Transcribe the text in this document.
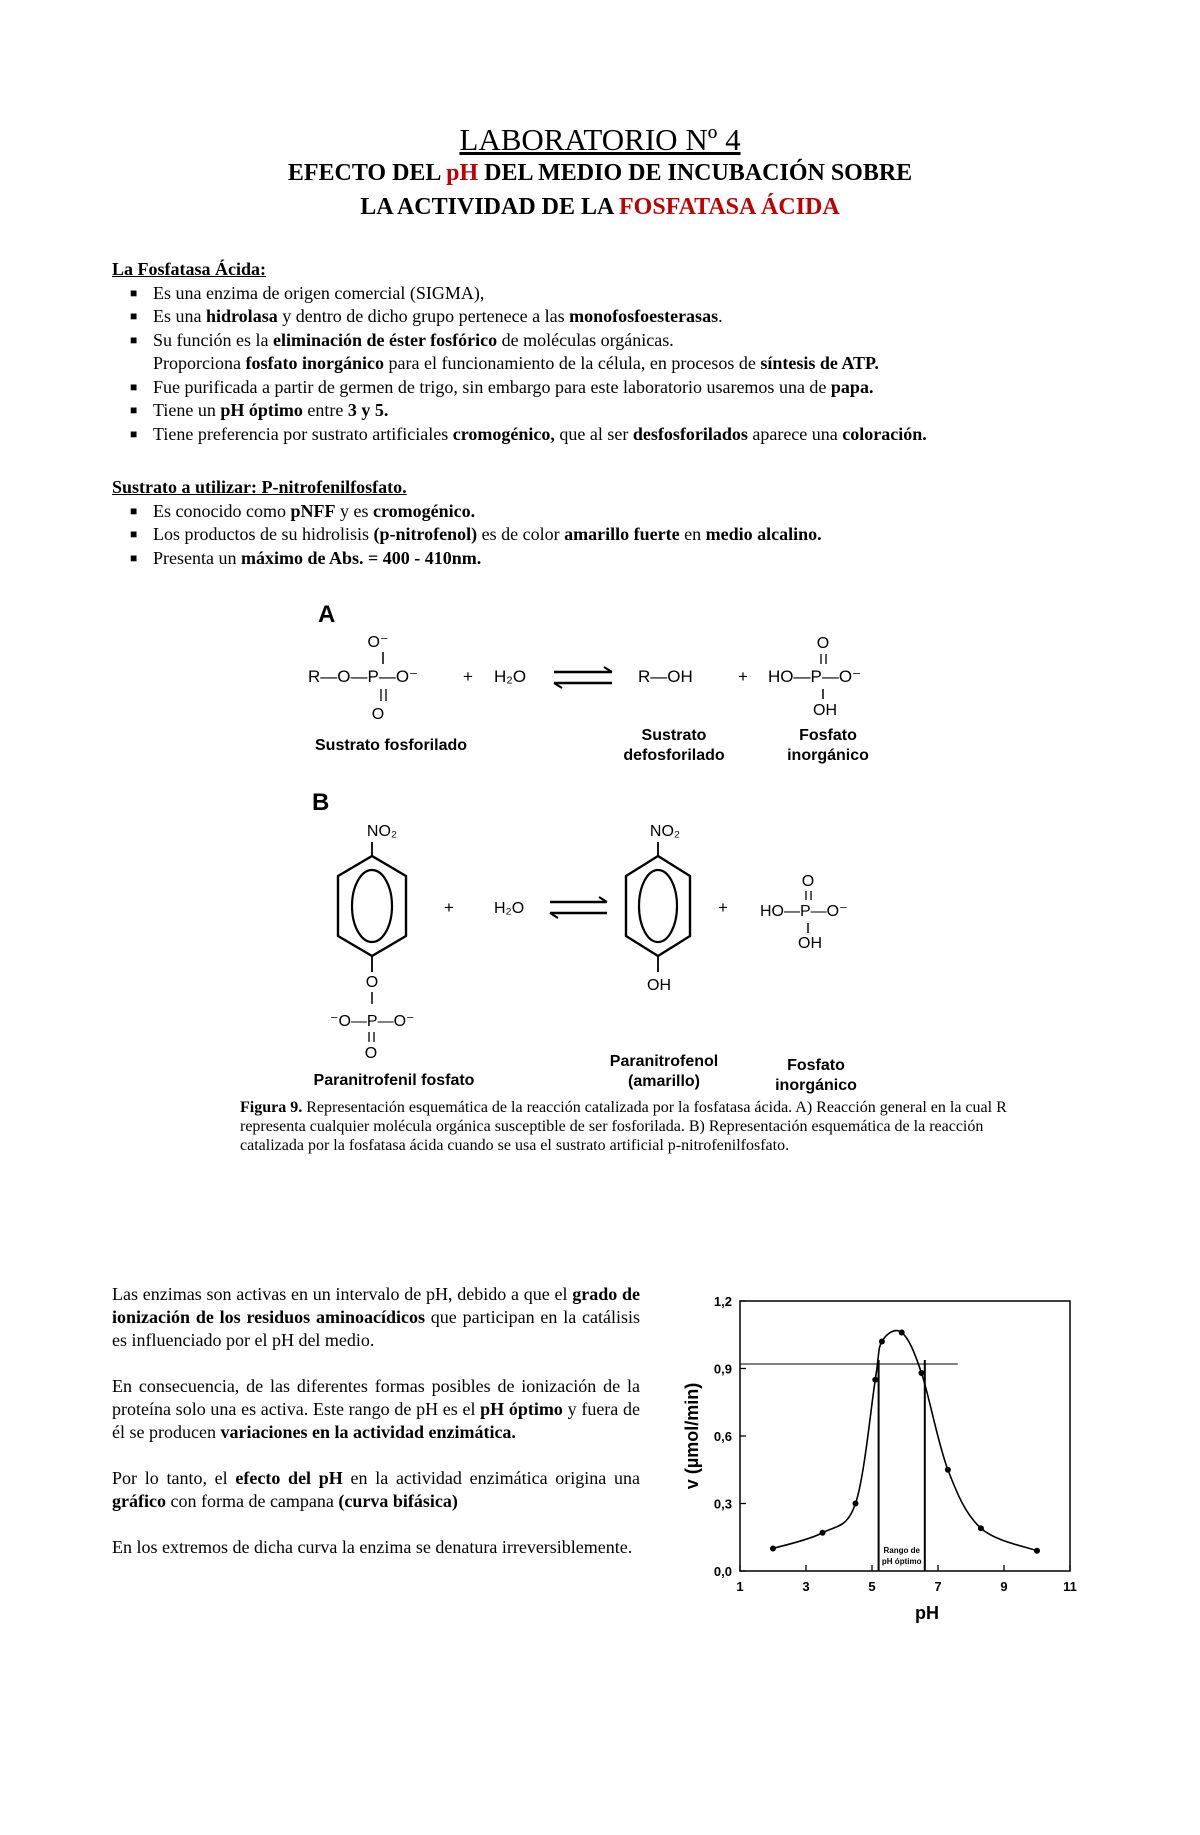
LABORATORIO Nº 4
EFECTO DEL pH DEL MEDIO DE INCUBACIÓN SOBRE
LA ACTIVIDAD DE LA FOSFATASA ÁCIDA
La Fosfatasa Ácida:
■ Es una enzima de origen comercial (SIGMA),
■ Es una hidrolasa y dentro de dicho grupo pertenece a las monofosfoesterasas.
■ Su función es la eliminación de éster fosfórico de moléculas orgánicas.
Proporciona fosfato inorgánico para el funcionamiento de la célula, en procesos de síntesis de ATP.
■ Fue purificada a partir de germen de trigo, sin embargo para este laboratorio usaremos una de papa.
■ Tiene un pH óptimo entre 3 y 5.
■ Tiene preferencia por sustrato artificiales cromogénico, que al ser desfosforilados aparece una coloración.
Sustrato a utilizar: P-nitrofenilfosfato.
■ Es conocido como pNFF y es cromogénico.
■ Los productos de su hidrolisis (p-nitrofenol) es de color amarillo fuerte en medio alcalino.
■ Presenta un máximo de Abs. = 400 - 410nm.
A
O⁻
R—O—P—O⁻
O
+ H₂O	R—OH	+
O
HO—P—O⁻
OH
Sustrato fosforilado
Sustrato
defosforilado
Fosfato
inorgánico
B
NO₂
O
⁻O—P—O⁻
O
+	H₂O
NO₂
OH
+
O
HO—P—O⁻
OH
Paranitrofenil fosfato
Paranitrofenol
(amarillo)
Fosfato
inorgánico
Figura 9. Representación esquemática de la reacción catalizada por la fosfatasa ácida. A) Reacción general en la cual R representa cualquier molécula orgánica susceptible de ser fosforilada. B) Representación esquemática de la reacción catalizada por la fosfatasa ácida cuando se usa el sustrato artificial p-nitrofenilfosfato.

Las enzimas son activas en un intervalo de pH, debido a que el grado de ionización de los residuos aminoacídicos que participan en la catálisis es influenciado por el pH del medio.

En consecuencia, de las diferentes formas posibles de ionización de la proteína solo una es activa. Este rango de pH es el pH óptimo y fuera de él se producen variaciones en la actividad enzimática.

Por lo tanto, el efecto del pH en la actividad enzimática origina una gráfico con forma de campana (curva bifásica)

En los extremos de dicha curva la enzima se denatura irreversiblemente.

v (µmol/min)
pH
0,0
0,3
0,6
0,9
1,2
1	3	5	7	9	11
Rango de
pH óptimo
